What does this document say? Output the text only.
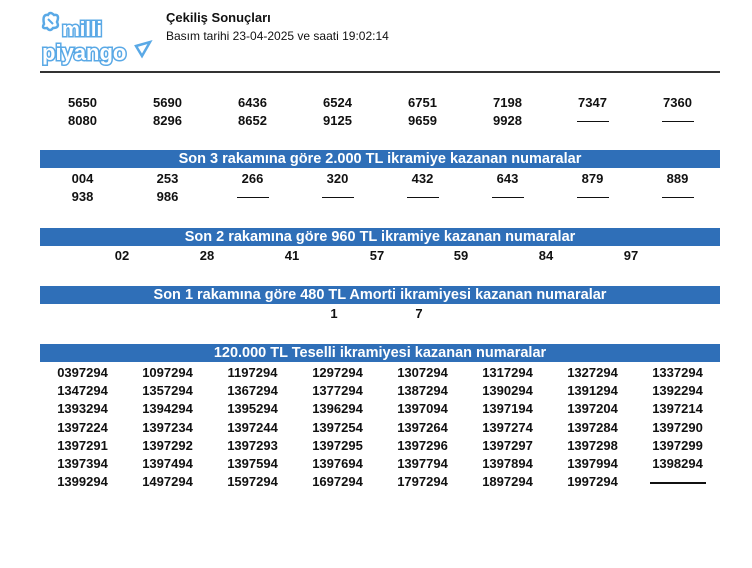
milli
piyango
Çekiliş Sonuçları
Basım tarihi 23-04-2025 ve saati 19:02:14
5650	5690	6436	6524	6751	7198	7347	7360
8080	8296	8652	9125	9659	9928
Son 3 rakamına göre 2.000 TL ikramiye kazanan numaralar
004	253	266	320	432	643	879	889
938	986
Son 2 rakamına göre 960 TL ikramiye kazanan numaralar
02	28	41	57	59	84	97
Son 1 rakamına göre 480 TL Amorti ikramiyesi kazanan numaralar
1	7
120.000 TL Teselli ikramiyesi kazanan numaralar
0397294	1097294	1197294	1297294	1307294	1317294	1327294	1337294
1347294	1357294	1367294	1377294	1387294	1390294	1391294	1392294
1393294	1394294	1395294	1396294	1397094	1397194	1397204	1397214
1397224	1397234	1397244	1397254	1397264	1397274	1397284	1397290
1397291	1397292	1397293	1397295	1397296	1397297	1397298	1397299
1397394	1397494	1397594	1397694	1397794	1397894	1397994	1398294
1399294	1497294	1597294	1697294	1797294	1897294	1997294
